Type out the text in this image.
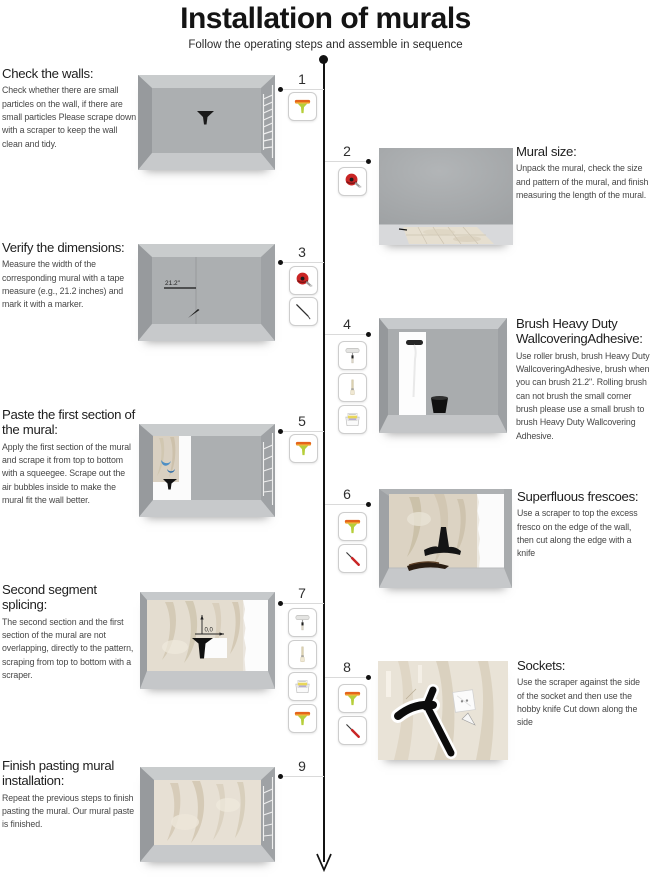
Installation of murals
Follow the operating steps and assemble in sequence
Check the walls:

Check whether there are small particles on the wall, if there are small particles Please scrape down with a scraper to keep the wall clean and tidy.

1
2	Mural size:

Unpack the mural, check the size and pattern of the mural, and finish measuring the length of the mural.

Verify the dimensions:

Measure the width of the corresponding mural with a tape measure (e.g., 21.2 inches) and mark it with a marker.

21.2"
3
4	Brush Heavy Duty WallcoveringAdhesive:

Use roller brush, brush Heavy Duty WallcoveringAdhesive, brush when you can brush 21.2". Rolling brush can not brush the small corner brush please use a small brush to brush Heavy Duty Wallcovering Adhesive.

Paste the first section of the mural:

Apply the first section of the mural and scrape it from top to bottom with a squeegee. Scrape out the air bubbles inside to make the mural fit the wall better.

5
6	Superfluous frescoes:

Use a scraper to top the excess fresco on the edge of the wall, then cut along the edge with a knife

Second segment splicing:

The second section and the first section of the mural are not overlapping, directly to the pattern, scraping from top to bottom with a scraper.

0,0
7
8	Sockets:

Use the scraper against the side of the socket and then use the hobby knife Cut down along the side

Finish pasting mural installation:

Repeat the previous steps to finish pasting the mural. Our mural paste is finished.

9
